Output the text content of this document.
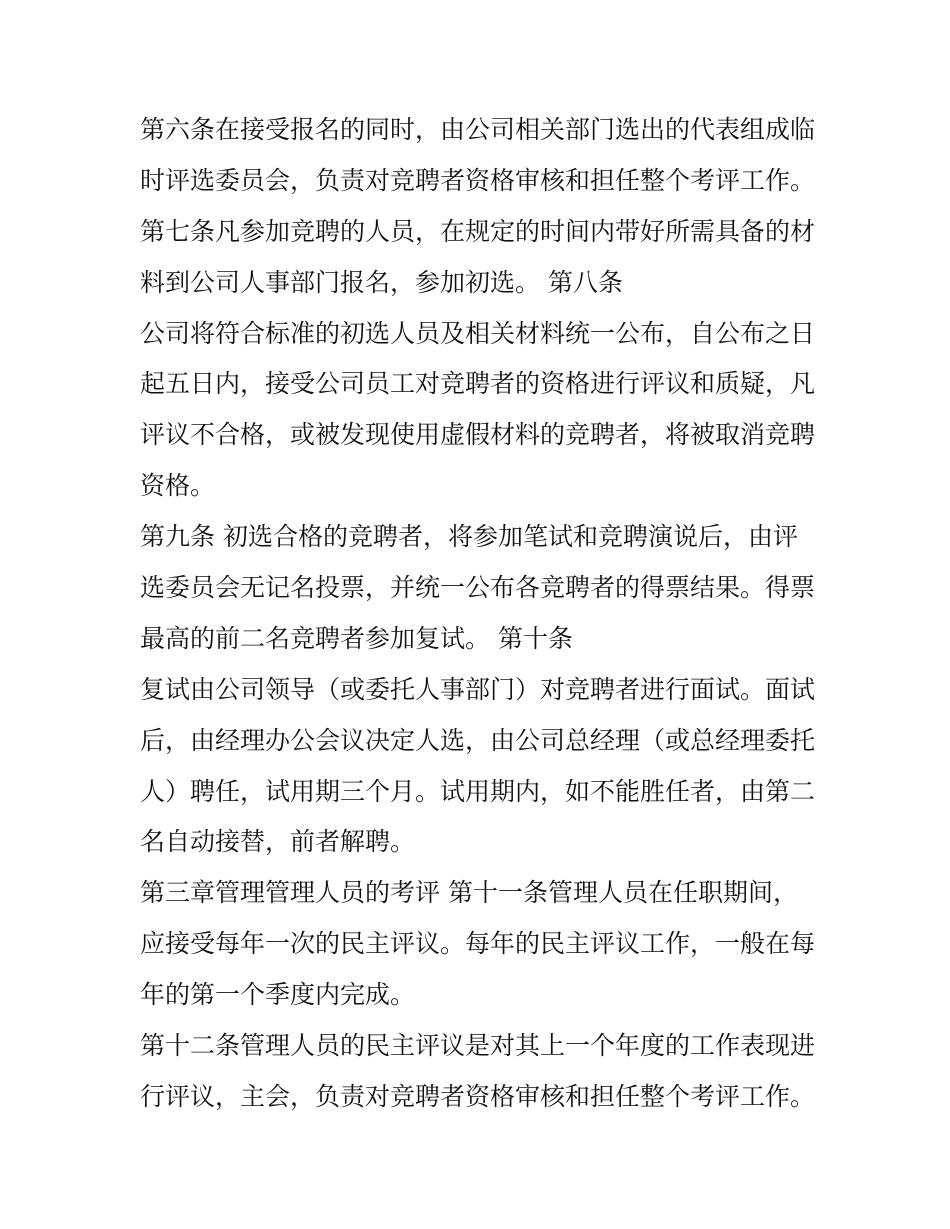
第六条在接受报名的同时，由公司相关部门选出的代表组成临
时评选委员会，负责对竞聘者资格审核和担任整个考评工作。
第七条凡参加竞聘的人员，在规定的时间内带好所需具备的材
料到公司人事部门报名，参加初选。 第八条
公司将符合标准的初选人员及相关材料统一公布，自公布之日
起五日内，接受公司员工对竞聘者的资格进行评议和质疑，凡
评议不合格，或被发现使用虚假材料的竞聘者，将被取消竞聘
资格。
第九条 初选合格的竞聘者，将参加笔试和竞聘演说后，由评
选委员会无记名投票，并统一公布各竞聘者的得票结果。得票
最高的前二名竞聘者参加复试。 第十条
复试由公司领导（或委托人事部门）对竞聘者进行面试。面试
后，由经理办公会议决定人选，由公司总经理（或总经理委托
人）聘任，试用期三个月。试用期内，如不能胜任者，由第二
名自动接替，前者解聘。
第三章管理管理人员的考评 第十一条管理人员在任职期间，
应接受每年一次的民主评议。每年的民主评议工作，一般在每
年的第一个季度内完成。
第十二条管理人员的民主评议是对其上一个年度的工作表现进
行评议，主会，负责对竞聘者资格审核和担任整个考评工作。
